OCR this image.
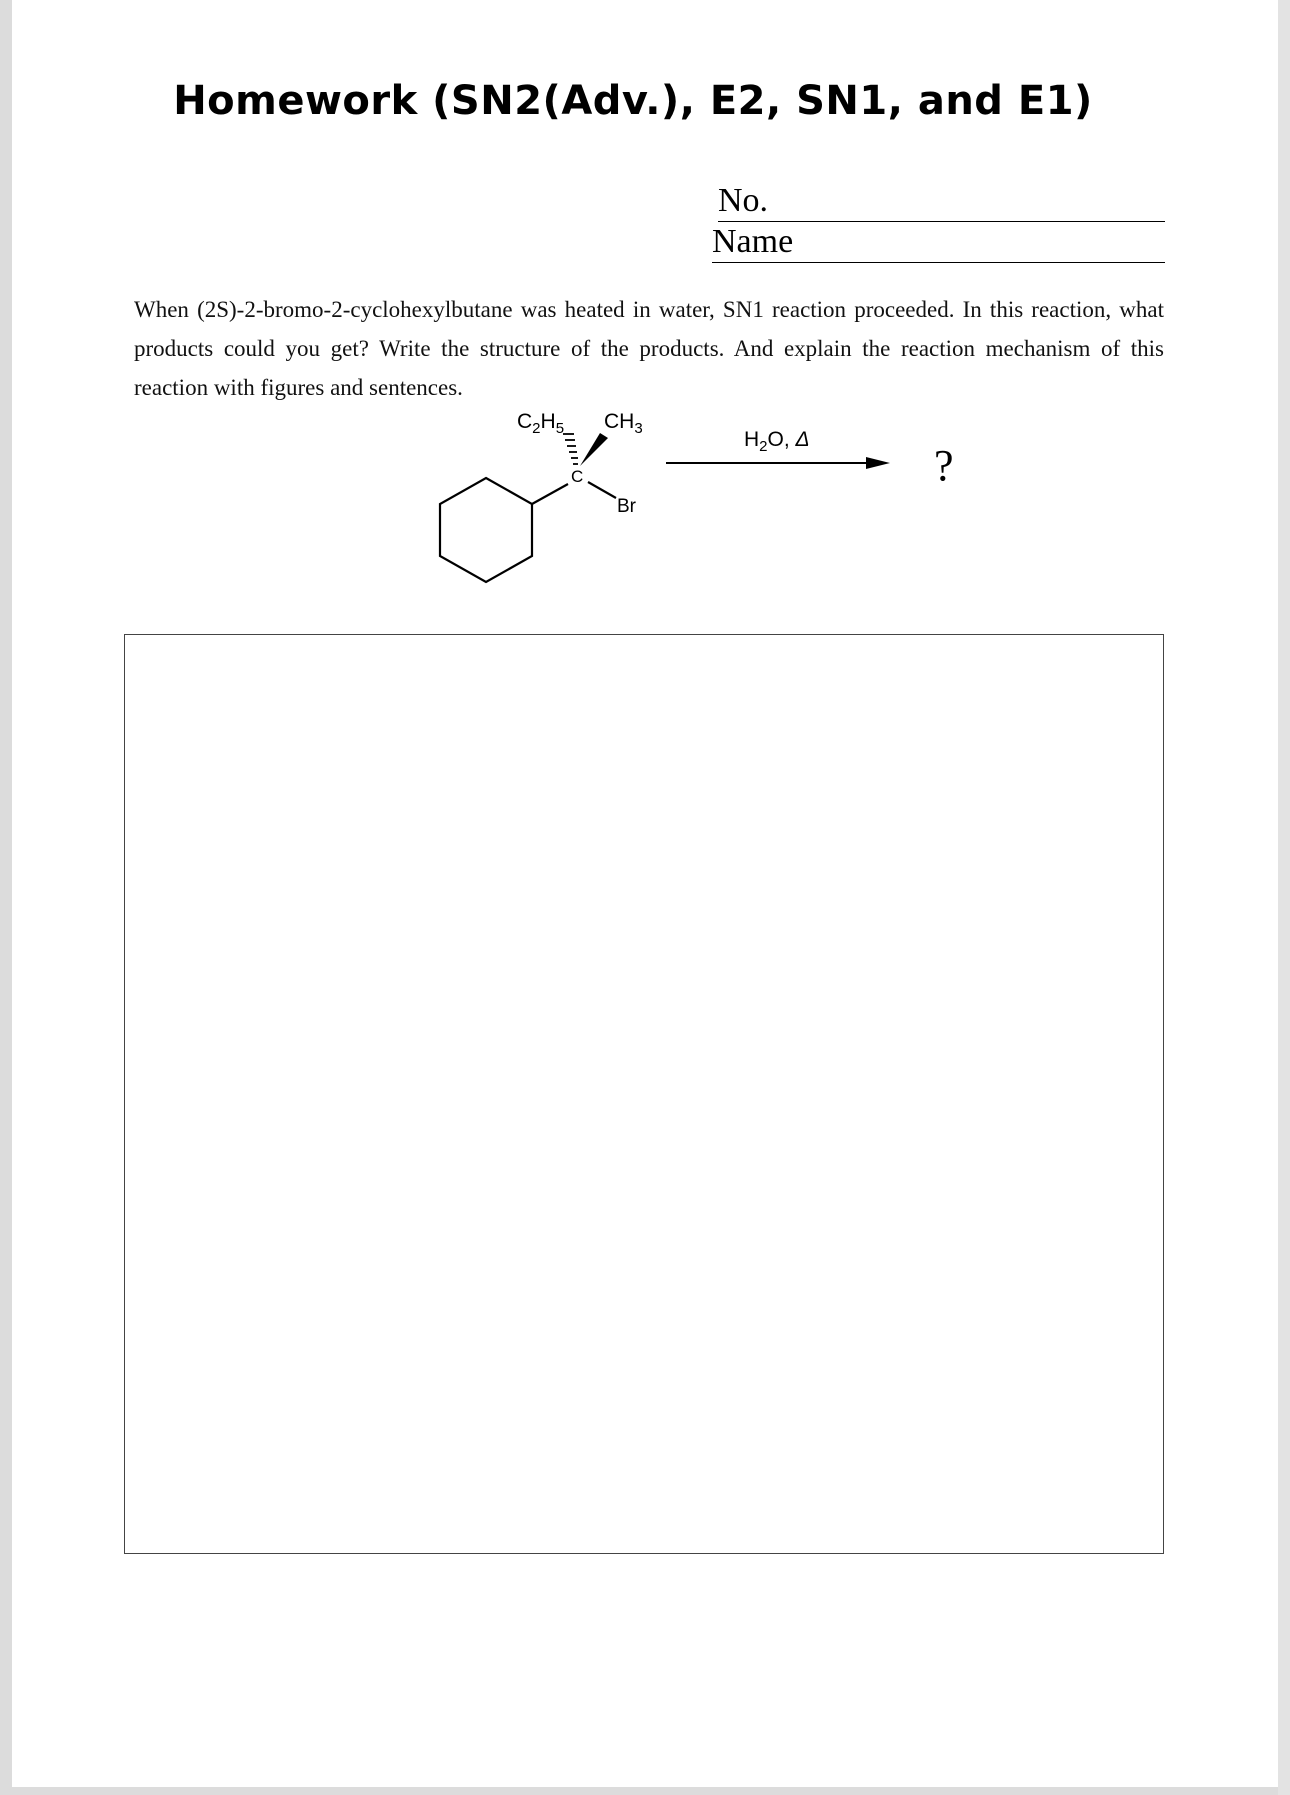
Homework (SN2(Adv.), E2, SN1, and E1)
No.
Name
When (2S)-2-bromo-2-cyclohexylbutane was heated in water, SN1 reaction proceeded. In this reaction, what products could you get? Write the structure of the products. And explain the reaction mechanism of this reaction with figures and sentences.
$C_2H_5$ $CH_3$
C
Br
$H_2O$, Δ
?
